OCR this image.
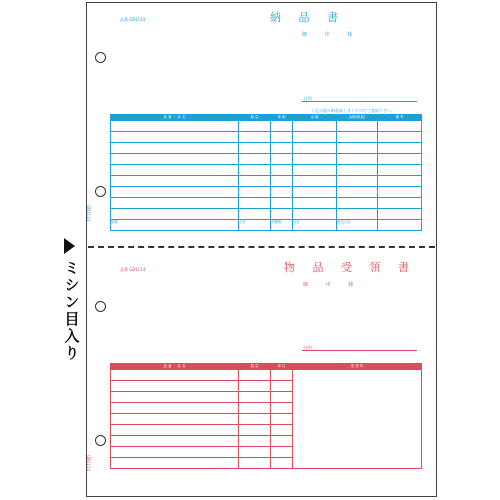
ミシン目入り
品番 GB1114	納 品 書
御 中 様
住所
下記の通り納品致しましたのでご査収下さい。
品 番 ・ 品 名	数 量	単 価	金 額	金額(税抜)	備 考

摘要	小計	消費税	合計	税込合計	
GB1114
品番 GB1114	物 品 受 領 書
御 中 様
住所
品 番 ・ 品 名	数 量	単 位	受 領 印

GB1114
